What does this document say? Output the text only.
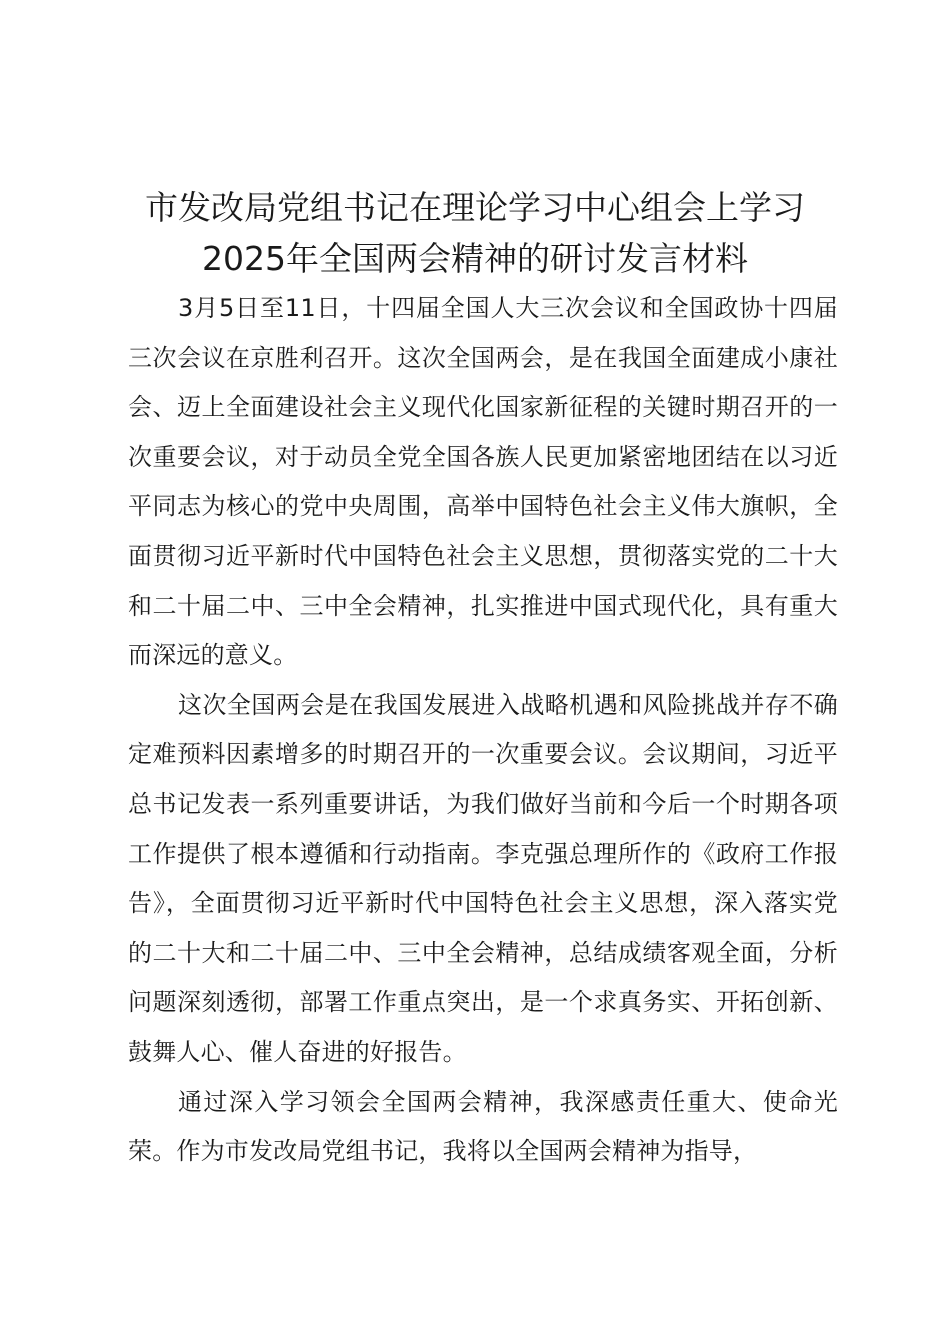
市发改局党组书记在理论学习中心组会上学习
2025年全国两会精神的研讨发言材料

3月5日至11日，十四届全国人大三次会议和全国政协十四届三次会议在京胜利召开。这次全国两会，是在我国全面建成小康社会、迈上全面建设社会主义现代化国家新征程的关键时期召开的一次重要会议，对于动员全党全国各族人民更加紧密地团结在以习近平同志为核心的党中央周围，高举中国特色社会主义伟大旗帜，全面贯彻习近平新时代中国特色社会主义思想，贯彻落实党的二十大和二十届二中、三中全会精神，扎实推进中国式现代化，具有重大而深远的意义。

这次全国两会是在我国发展进入战略机遇和风险挑战并存不确定难预料因素增多的时期召开的一次重要会议。会议期间，习近平总书记发表一系列重要讲话，为我们做好当前和今后一个时期各项工作提供了根本遵循和行动指南。李克强总理所作的《政府工作报告》，全面贯彻习近平新时代中国特色社会主义思想，深入落实党的二十大和二十届二中、三中全会精神，总结成绩客观全面，分析问题深刻透彻，部署工作重点突出，是一个求真务实、开拓创新、鼓舞人心、催人奋进的好报告。

通过深入学习领会全国两会精神，我深感责任重大、使命光荣。作为市发改局党组书记，我将以全国两会精神为指导，
